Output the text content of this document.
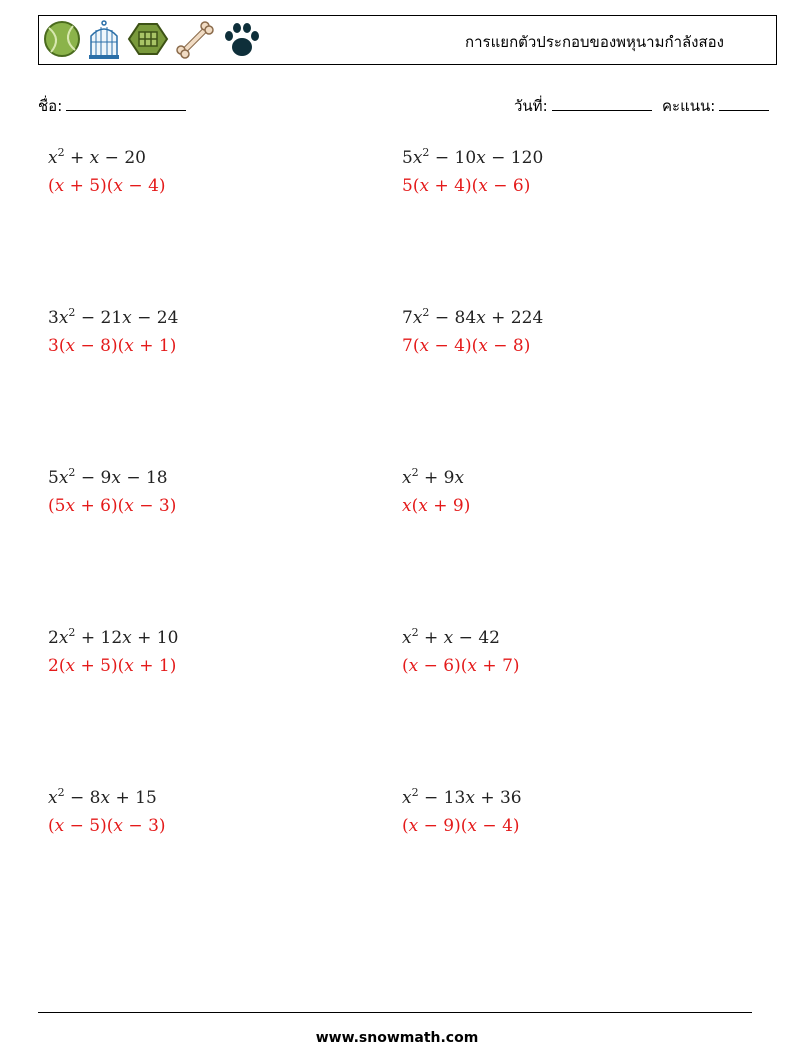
การแยกตัวประกอบของพหุนามกำลังสอง
ชื่อ:	วันที่:	คะแนน:
$x^2 + x - 20$
(x + 5)(x − 4)
$5x^2 - 10x - 120$
5(x + 4)(x − 6)
$3x^2 - 21x - 24$
3(x − 8)(x + 1)
$7x^2 - 84x + 224$
7(x − 4)(x − 8)
$5x^2 - 9x - 18$
(5x + 6)(x − 3)
$x^2 + 9x$
x(x + 9)
$2x^2 + 12x + 10$
2(x + 5)(x + 1)
$x^2 + x - 42$
(x − 6)(x + 7)
$x^2 - 8x + 15$
(x − 5)(x − 3)
$x^2 - 13x + 36$
(x − 9)(x − 4)
www.snowmath.com
